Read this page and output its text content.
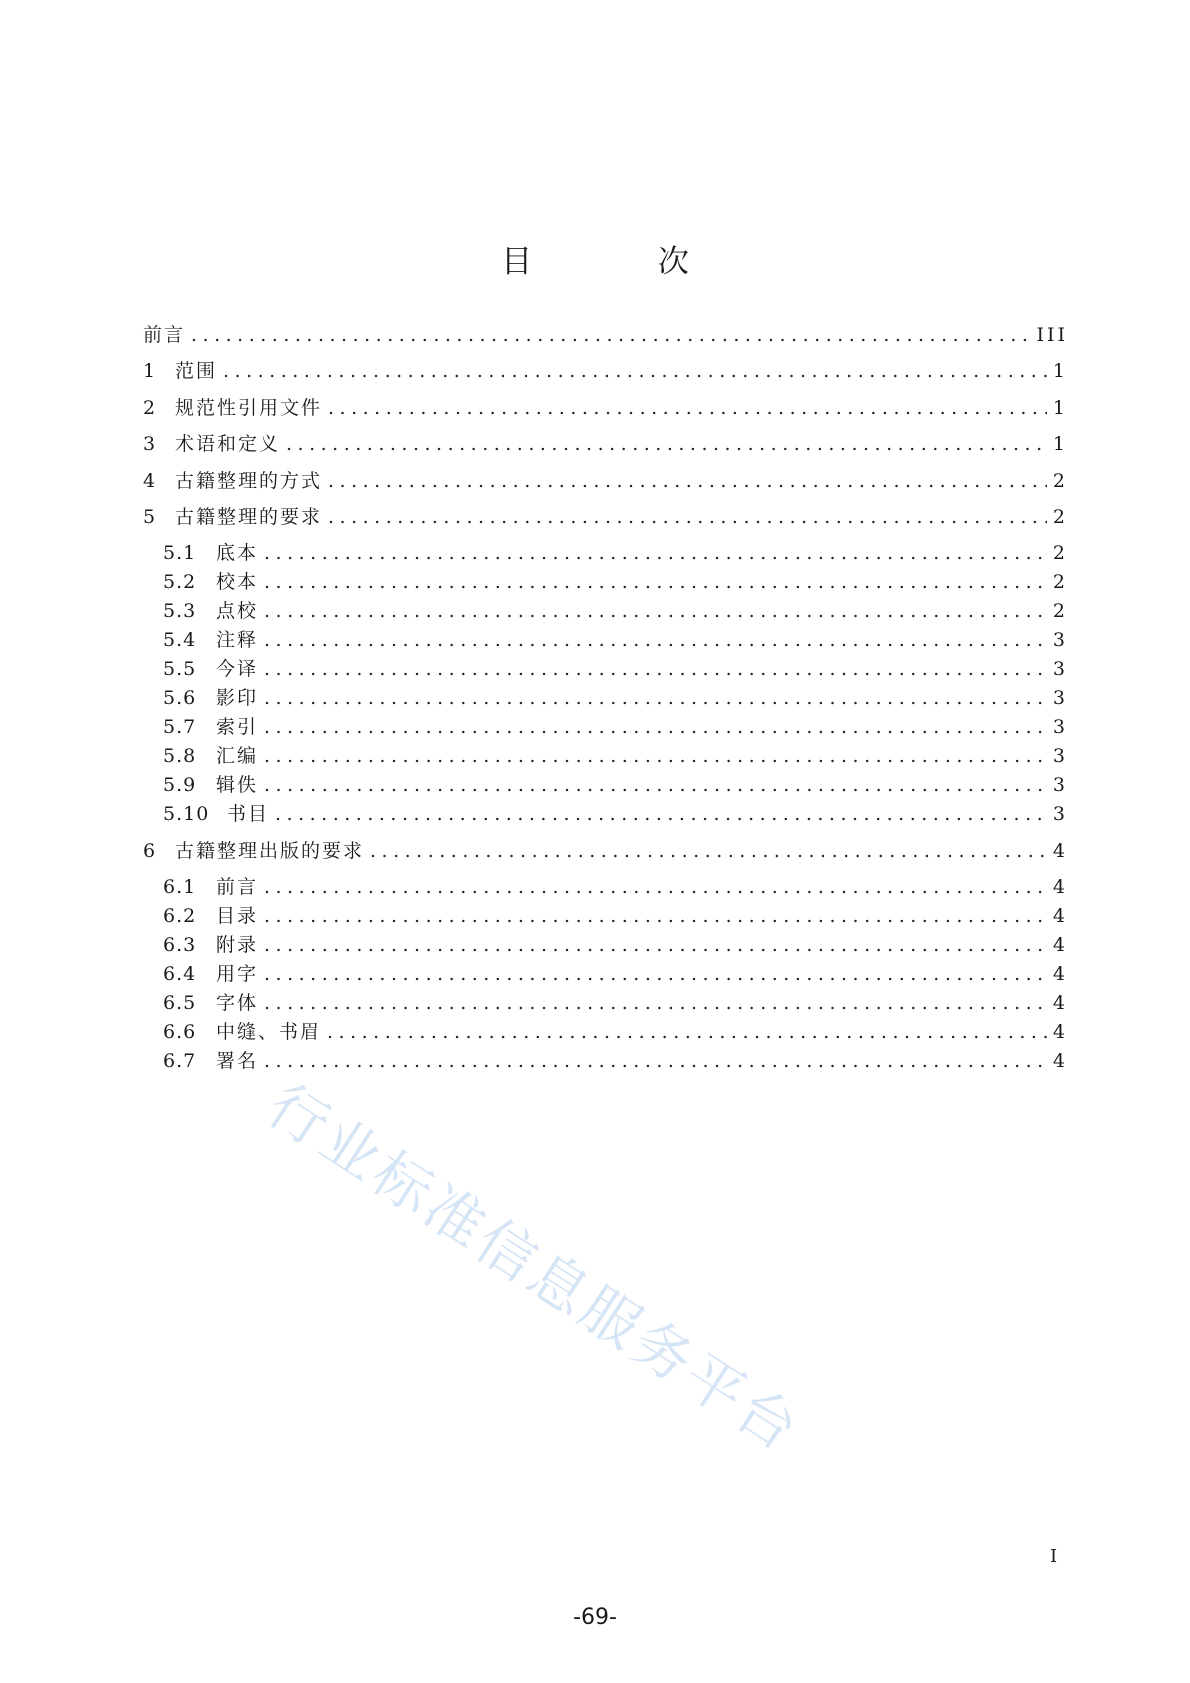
目 次
前言 .....	III
1	范围 .....	1
2	规范性引用文件 .....	1
3	术语和定义 .....	1
4	古籍整理的方式 .....	2
5	古籍整理的要求 .....	2
5.1	底本 .....	2
5.2	校本 .....	2
5.3	点校 .....	2
5.4	注释 .....	3
5.5	今译 .....	3
5.6	影印 .....	3
5.7	索引 .....	3
5.8	汇编 .....	3
5.9	辑佚 .....	3
5.10 书目 .....	3
6	古籍整理出版的要求 .....	4
6.1	前言 .....	4
6.2	目录 .....	4
6.3	附录 .....	4
6.4	用字 .....	4
6.5	字体 .....	4
6.6	中缝、书眉 .....	4
6.7	署名 .....	4
行业标准信息服务平台
I
-69-
